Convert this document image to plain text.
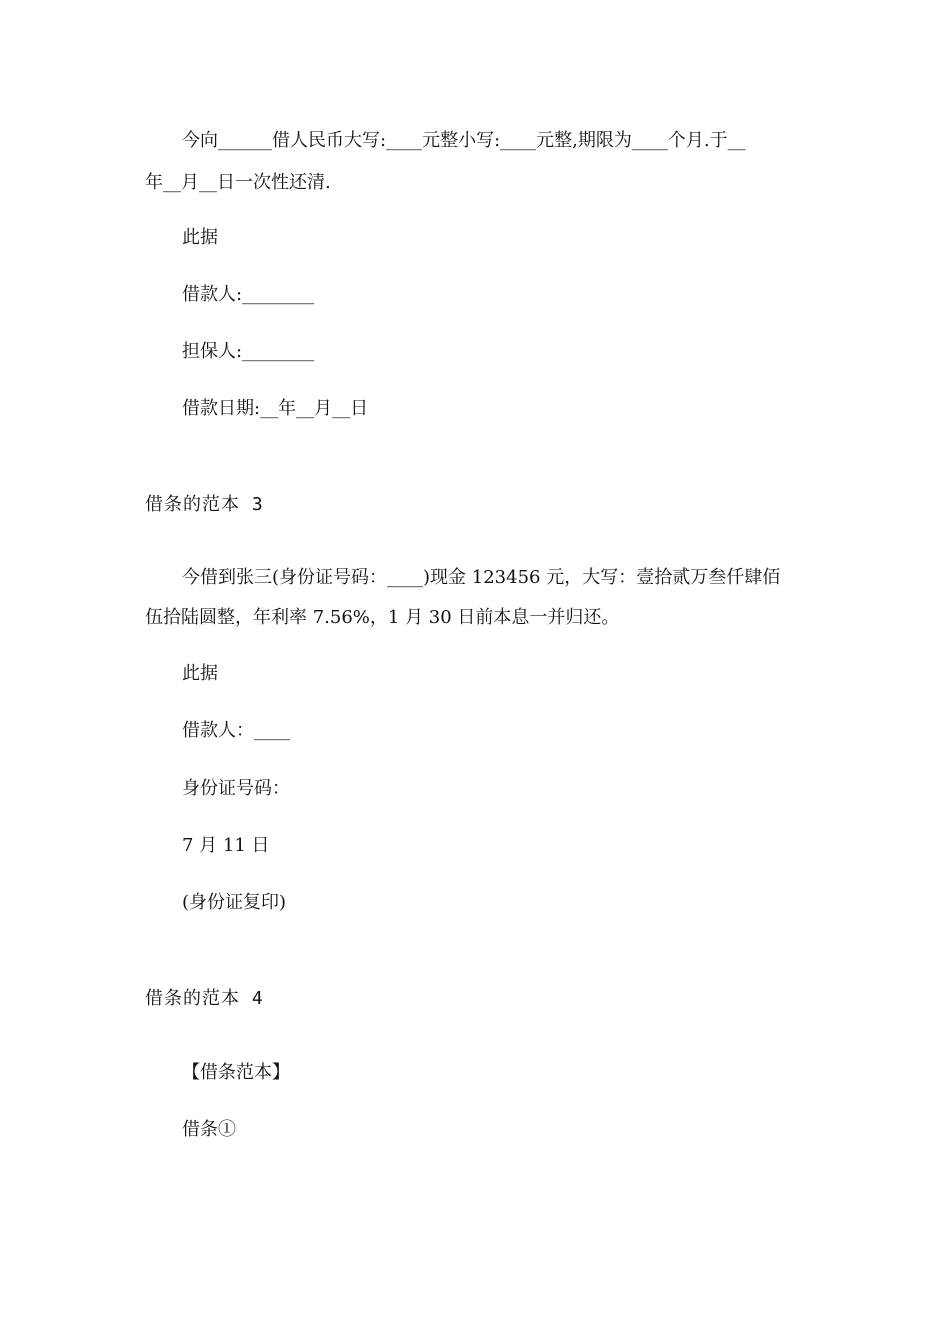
今向______借人民币大写:____元整小写:____元整,期限为____个月.于__
年__月__日一次性还清.
此据
借款人:________
担保人:________
借款日期:__年__月__日
借条的范本 3
今借到张三(身份证号码：____)现金 123456 元，大写：壹拾贰万叁仟肆佰
伍拾陆圆整，年利率 7.56%，1 月 30 日前本息一并归还。
此据
借款人：____
身份证号码：
7 月 11 日
(身份证复印)
借条的范本 4
【借条范本】
借条①
